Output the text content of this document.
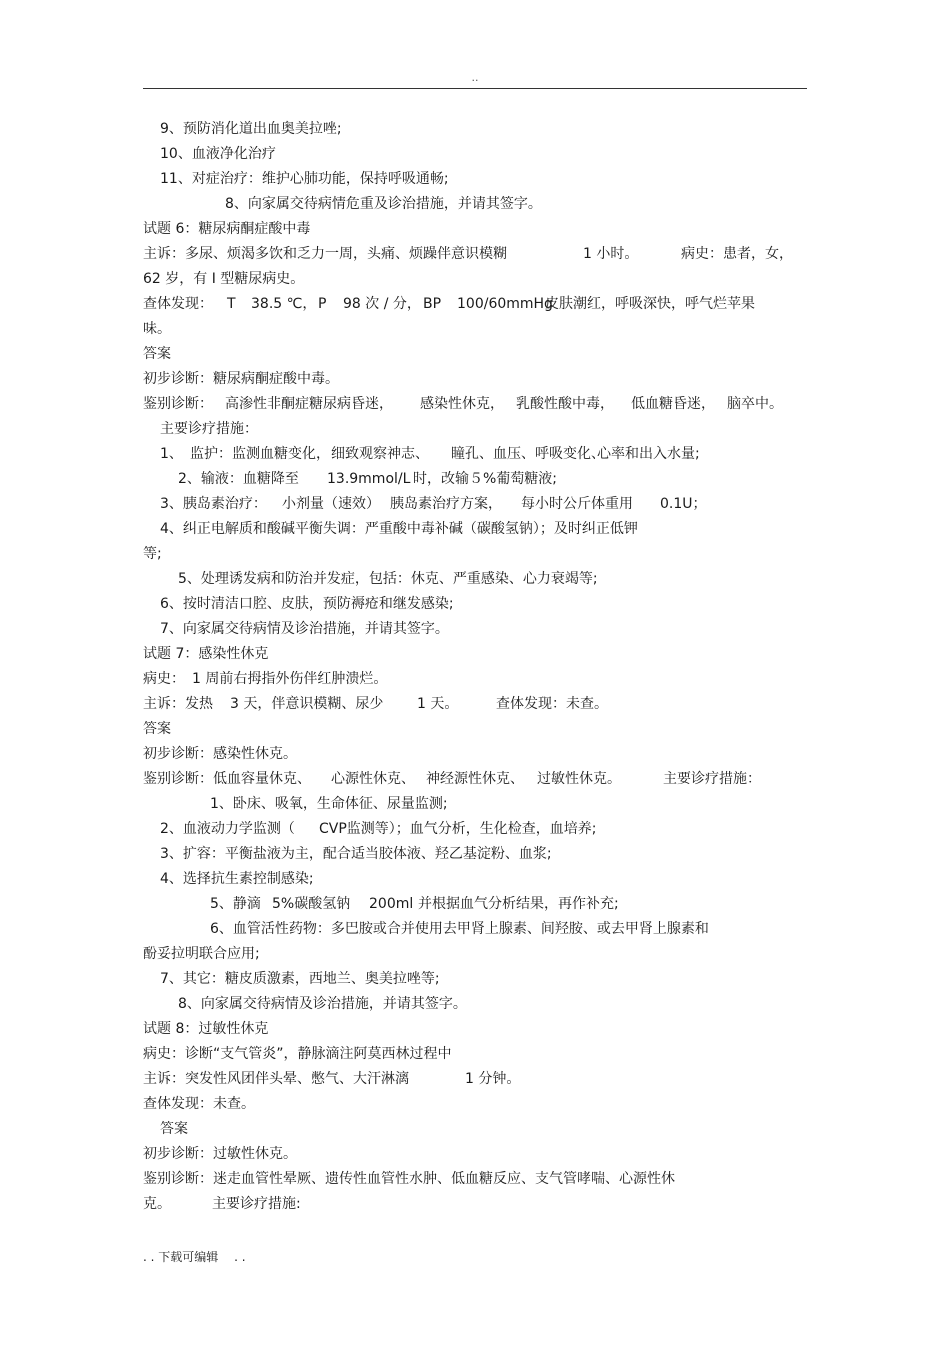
..
9、预防消化道出血奥美拉唑;
10、血液净化治疗
11、对症治疗：维护心肺功能，保持呼吸通畅;
8、向家属交待病情危重及诊治措施，并请其签字。
试题 6：糖尿病酮症酸中毒
主诉：多尿、烦渴多饮和乏力一周，头痛、烦躁伴意识模糊	1 小时。	病史：患者，女，
62 岁，有 I 型糖尿病史。
查体发现： T 38.5 ℃， P 98 次 / 分， BP 100/60mmHg
皮肤潮红，呼吸深快，呼气烂苹果
味。
答案
初步诊断：糖尿病酮症酸中毒。
鉴别诊断： 高渗性非酮症糖尿病昏迷， 感染性休克， 乳酸性酸中毒， 低血糖昏迷， 脑卒中。
主要诊疗措施：
1、 监护：监测血糖变化， 细致观察神志、 瞳孔、血压、呼吸变化、
心率和出入水量;
2、输液：血糖降至 13.9mmol/L 时，改输５%葡萄糖液;
3、胰岛素治疗： 小剂量（速效） 胰岛素治疗方案， 每小时公斤体重用 0.1U；
4、纠正电解质和酸碱平衡失调：严重酸中毒补碱（碳酸氢钠）；及时纠正低钾
等;
5、处理诱发病和防治并发症，包括：休克、严重感染、心力衰竭等;
6、按时清洁口腔、皮肤，预防褥疮和继发感染;
7、向家属交待病情及诊治措施，并请其签字。
试题 7：感染性休克
病史： 1 周前右拇指外伤伴红肿溃烂。
主诉：发热 3 天，伴意识模糊、尿少 1 天。	查体发现：未查。
答案
初步诊断：感染性休克。
鉴别诊断：低血容量休克、 心源性休克、 神经源性休克、 过敏性休克。	主要诊疗措施：
1、卧床、吸氧，生命体征、尿量监测;
2、血液动力学监测（ CVP监测等）；血气分析，生化检查，血培养;
3、扩容：平衡盐液为主，配合适当胶体液、羟乙基淀粉、血浆;
4、选择抗生素控制感染;
5、静滴 5%碳酸氢钠 200ml 并根据血气分析结果，再作补充;
6、血管活性药物：多巴胺或合并使用去甲肾上腺素、间羟胺、或去甲肾上腺素和
酚妥拉明联合应用;
7、其它：糖皮质激素，西地兰、奥美拉唑等;
8、向家属交待病情及诊治措施，并请其签字。
试题 8：过敏性休克
病史：诊断“支气管炎”，静脉滴注阿莫西林过程中
主诉：突发性风团伴头晕、憋气、大汗淋漓	1 分钟。
查体发现：未查。
答案
初步诊断：过敏性休克。
鉴别诊断：迷走血管性晕厥、遗传性血管性水肿、低血糖反应、支气管哮喘、心源性休
克。	主要诊疗措施:
. . 下载可编辑　 . .
